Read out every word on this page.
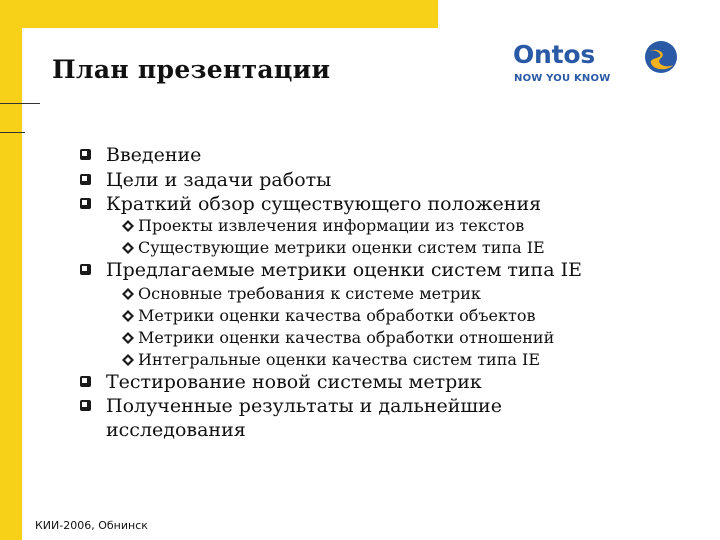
План презентации
Ontos
NOW YOU KNOW
Введение
Цели и задачи работы
Краткий обзор существующего положения
Проекты извлечения информации из текстов
Существующие метрики оценки систем типа IE
Предлагаемые метрики оценки систем типа IE
Основные требования к системе метрик
Метрики оценки качества обработки объектов
Метрики оценки качества обработки отношений
Интегральные оценки качества систем типа IE
Тестирование новой системы метрик
Полученные результаты и дальнейшие
исследования
КИИ-2006, Обнинск
